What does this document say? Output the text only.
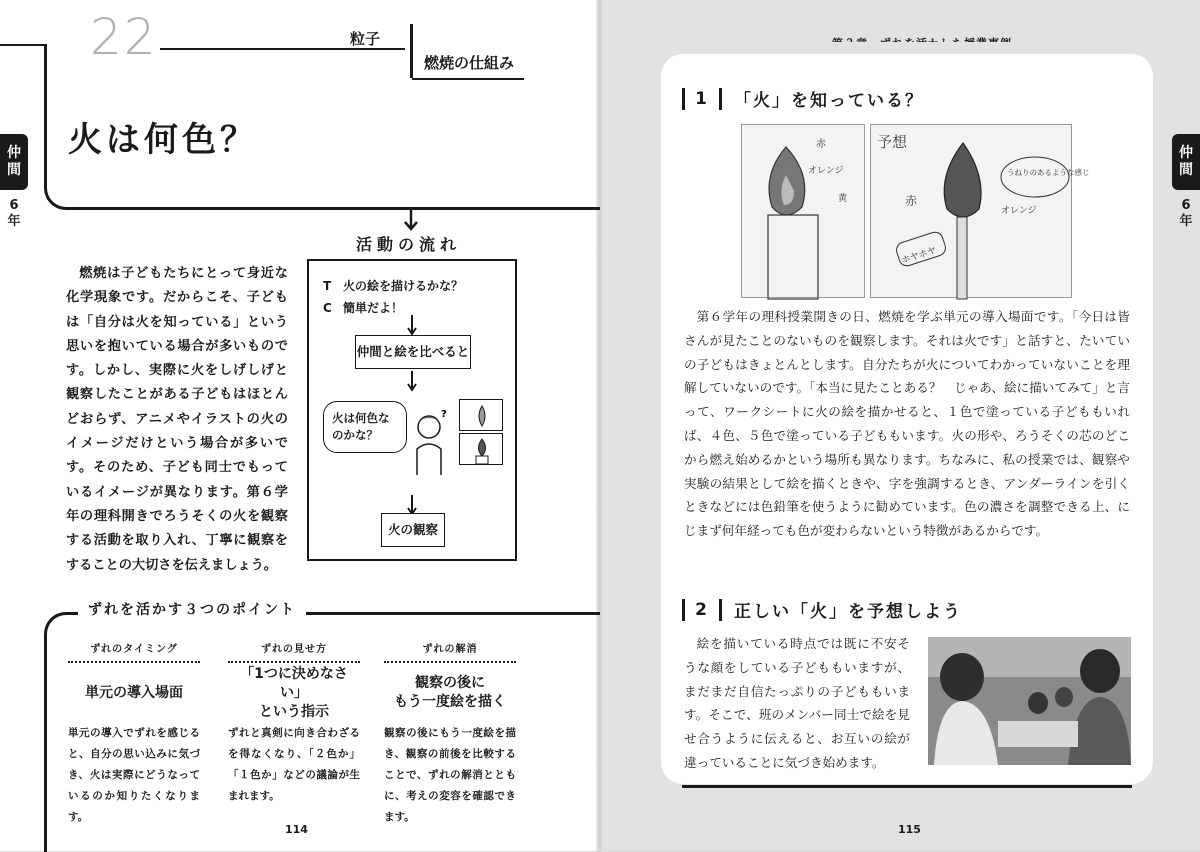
22	粒子
燃焼の仕組み
火は何色？
仲
間
6
年

燃焼は子どもたちにとって身近な化学現象です。だからこそ、子どもは「自分は火を知っている」という思いを抱いている場合が多いものです。しかし、実際に火をしげしげと観察したことがある子どもはほとんどおらず、アニメやイラストの火のイメージだけという場合が多いです。そのため、子ども同士でもっているイメージが異なります。第６学年の理科開きでろうそくの火を観察する活動を取り入れ、丁寧に観察をすることの大切さを伝えましょう。

活動の流れ
T 火の絵を描けるかな？
C 簡単だよ！
仲間と絵を比べると
火は何色なのかな？
?
火の観察
ずれを活かす３つのポイント
ずれのタイミング
単元の導入場面
単元の導入でずれを感じると、自分の思い込みに気づき、火は実際にどうなっているのか知りたくなります。
ずれの見せ方
「1つに決めなさい」
という指示
ずれと真剣に向き合わざるを得なくなり、「２色か」「１色か」などの議論が生まれます。
ずれの解消
観察の後に
もう一度絵を描く
観察の後にもう一度絵を描き、観察の前後を比較することで、ずれの解消とともに、考えの変容を確認できます。
114
第３章　ずれを活かした授業事例
仲
間
6
年
1	「火」を知っている？
赤
オレンジ
黄
予想
赤
オレンジ
うねりのあるような感じ
ホヤホヤ

第６学年の理科授業開きの日、燃焼を学ぶ単元の導入場面です。「今日は皆さんが見たことのないものを観察します。それは火です」と話すと、たいていの子どもはきょとんとします。自分たちが火についてわかっていないことを理解していないのです。「本当に見たことある？　じゃあ、絵に描いてみて」と言って、ワークシートに火の絵を描かせると、１色で塗っている子どももいれば、４色、５色で塗っている子どももいます。火の形や、ろうそくの芯のどこから燃え始めるかという場所も異なります。ちなみに、私の授業では、観察や実験の結果として絵を描くときや、字を強調するとき、アンダーラインを引くときなどには色鉛筆を使うように勧めています。色の濃さを調整できる上、にじまず何年経っても色が変わらないという特徴があるからです。

2	正しい「火」を予想しよう

絵を描いている時点では既に不安そうな顔をしている子どももいますが、まだまだ自信たっぷりの子どももいます。そこで、班のメンバー同士で絵を見せ合うように伝えると、お互いの絵が違っていることに気づき始めます。

115
